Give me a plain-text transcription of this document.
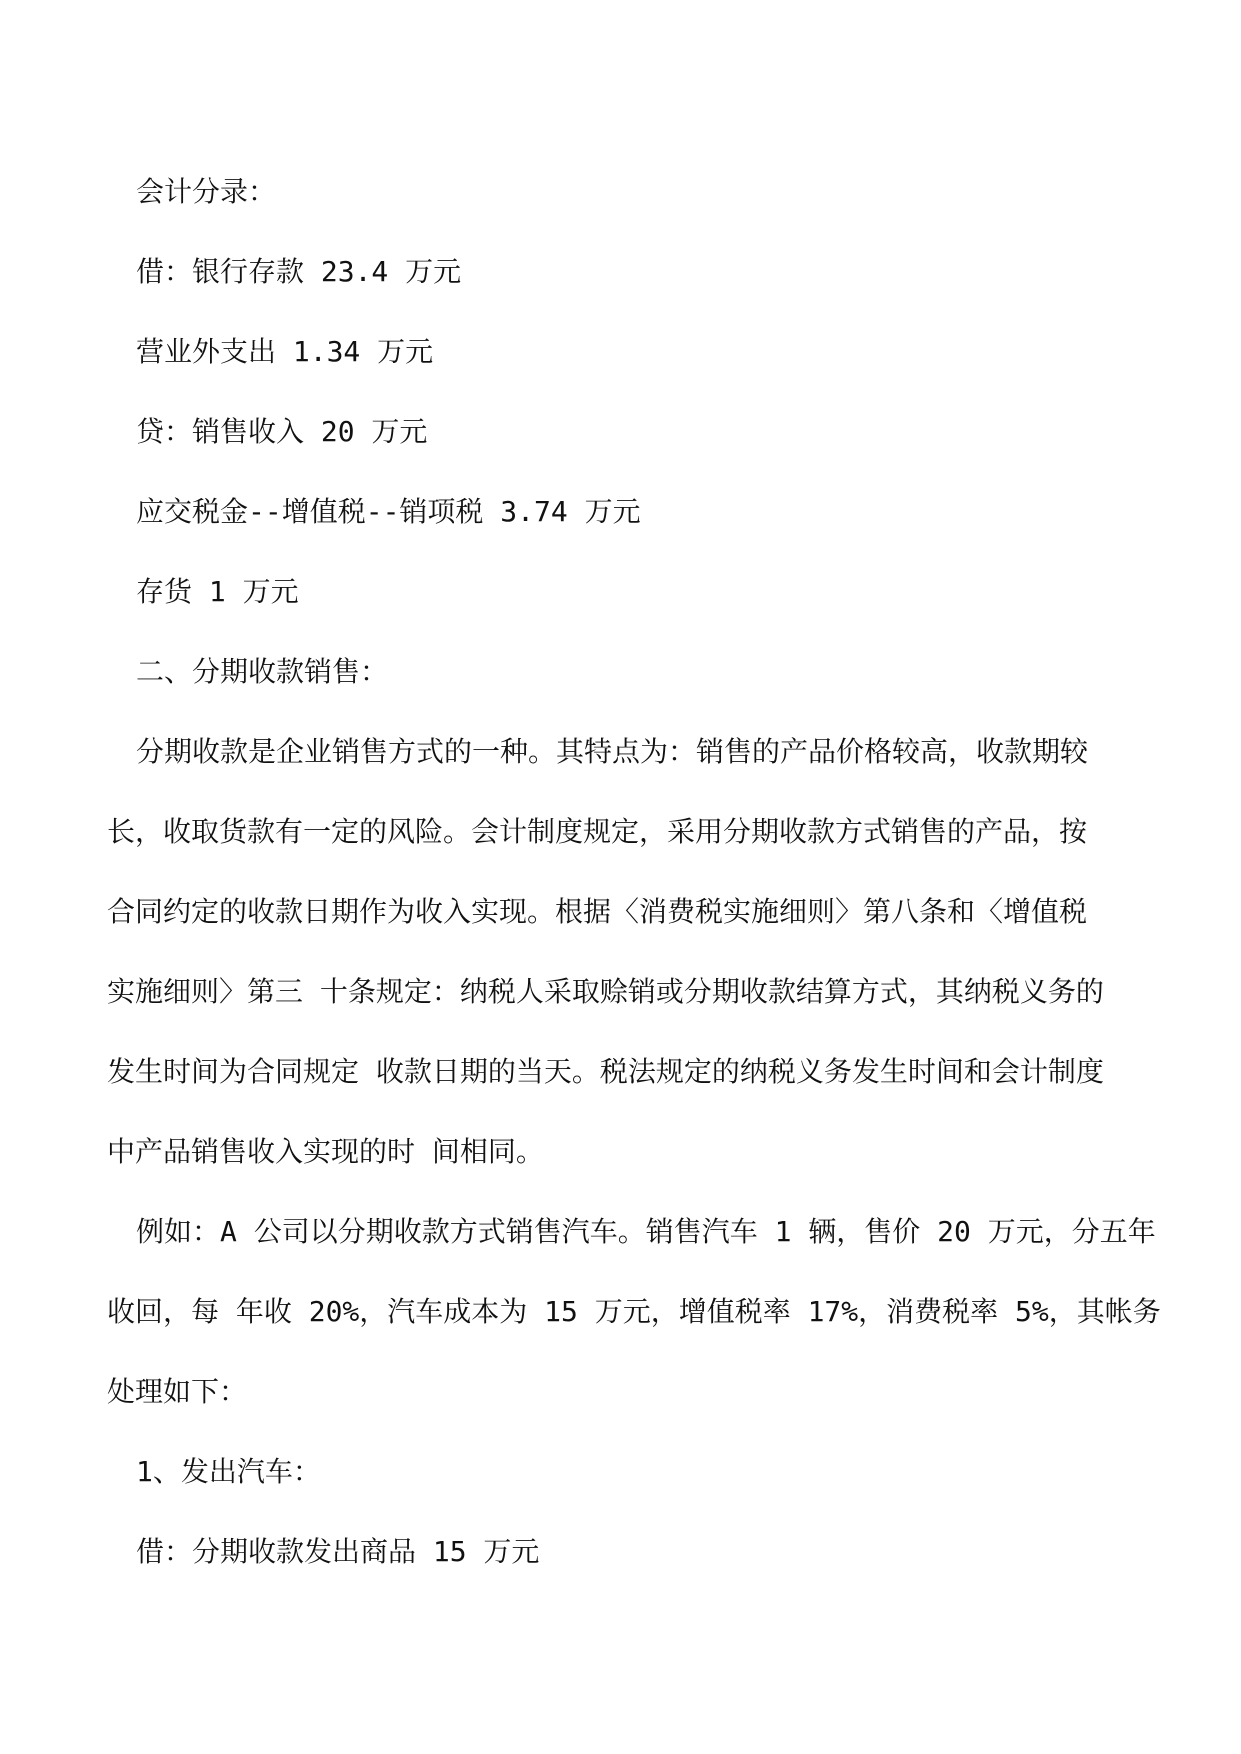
会计分录：
借：银行存款 23.4 万元
营业外支出 1.34 万元
贷：销售收入 20 万元
应交税金--增值税--销项税 3.74 万元
存货 1 万元
二、分期收款销售：
分期收款是企业销售方式的一种。其特点为：销售的产品价格较高，收款期较
长，收取货款有一定的风险。会计制度规定，采用分期收款方式销售的产品，按
合同约定的收款日期作为收入实现。根据〈消费税实施细则〉第八条和〈增值税
实施细则〉第三 十条规定：纳税人采取赊销或分期收款结算方式，其纳税义务的
发生时间为合同规定 收款日期的当天。税法规定的纳税义务发生时间和会计制度
中产品销售收入实现的时 间相同。
例如：A 公司以分期收款方式销售汽车。销售汽车 1 辆，售价 20 万元，分五年
收回，每 年收 20%，汽车成本为 15 万元，增值税率 17%，消费税率 5%，其帐务
处理如下：
1、发出汽车：
借：分期收款发出商品 15 万元
